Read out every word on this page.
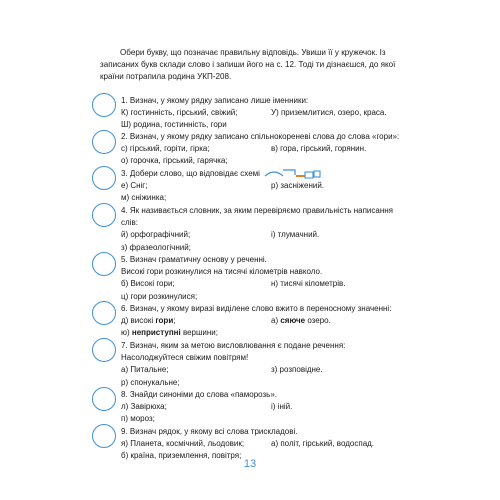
Обери букву, що позначає правильну відповідь. Увиши її у кружечок. Із записаних букв склади слово і запиши його на с. 12. Тоді ти дізнаєшся, до якої країни потрапила родина УКП-208.

1. Визнач, у якому рядку записано лише іменники:
К) гостинність, гірський, свіжий;	У) приземлитися, озеро, краса.
Ш) родина, гостинність, гори
2. Визнач, у якому рядку записано спільнокореневі слова до слова «гори»:
с) гірський, горіти, гірка;	в) гора, гірський, горянин.
о) горочка, гірський, гарячка;
3. Добери слово, що відповідає схемі
е) Сніг;	р) засніжений.
м) сніжинка;
4. Як називається словник, за яким перевіряємо правильність написання слів:
й) орфографічний;	і) тлумачний.
з) фразеологічний;
5. Визнач граматичну основу у реченні.
Високі гори розкинулися на тисячі кілометрів навколо.
б) Високі гори;	н) тисячі кілометрів.
ц) гори розкинулися;
6. Визнач, у якому виразі виділене слово вжито в переносному значенні:
д) високі гори;	а) сяюче озеро.
ю) неприступні вершини;
7. Визнач, яким за метою висловлювання є подане речення:
Насолоджуйтеся свіжим повітрям!
а) Питальне;	з) розповідне.
р) спонукальне;
8. Знайди синоніми до слова «паморозь».
л) Завірюха;	і) іній.
п) мороз;
9. Визнач рядок, у якому всі слова трискладові.
я) Планета, космічний, льодовик;	а) політ, гірський, водоспад.
б) країна, приземлення, повітря;
13
